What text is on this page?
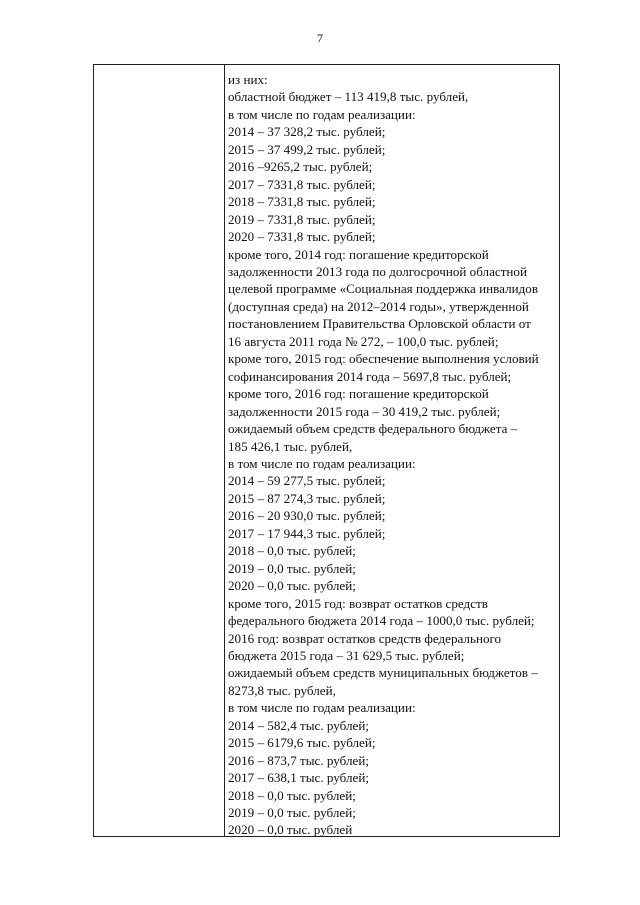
7
из них:
областной бюджет – 113 419,8 тыс. рублей,
в том числе по годам реализации:
2014 – 37 328,2 тыс. рублей;
2015 – 37 499,2 тыс. рублей;
2016 –9265,2 тыс. рублей;
2017 – 7331,8 тыс. рублей;
2018 – 7331,8 тыс. рублей;
2019 – 7331,8 тыс. рублей;
2020 – 7331,8 тыс. рублей;
кроме того, 2014 год: погашение кредиторской
задолженности 2013 года по долгосрочной областной
целевой программе «Социальная поддержка инвалидов
(доступная среда) на 2012–2014 годы», утвержденной
постановлением Правительства Орловской области от
16 августа 2011 года № 272, – 100,0 тыс. рублей;
кроме того, 2015 год: обеспечение выполнения условий
софинансирования 2014 года – 5697,8 тыс. рублей;
кроме того, 2016 год: погашение кредиторской
задолженности 2015 года – 30 419,2 тыс. рублей;
ожидаемый объем средств федерального бюджета –
185 426,1 тыс. рублей,
в том числе по годам реализации:
2014 – 59 277,5 тыс. рублей;
2015 – 87 274,3 тыс. рублей;
2016 – 20 930,0 тыс. рублей;
2017 – 17 944,3 тыс. рублей;
2018 – 0,0 тыс. рублей;
2019 – 0,0 тыс. рублей;
2020 – 0,0 тыс. рублей;
кроме того, 2015 год: возврат остатков средств
федерального бюджета 2014 года – 1000,0 тыс. рублей;
2016 год: возврат остатков средств федерального
бюджета 2015 года – 31 629,5 тыс. рублей;
ожидаемый объем средств муниципальных бюджетов –
8273,8 тыс. рублей,
в том числе по годам реализации:
2014 – 582,4 тыс. рублей;
2015 – 6179,6 тыс. рублей;
2016 – 873,7 тыс. рублей;
2017 – 638,1 тыс. рублей;
2018 – 0,0 тыс. рублей;
2019 – 0,0 тыс. рублей;
2020 – 0,0 тыс. рублей
